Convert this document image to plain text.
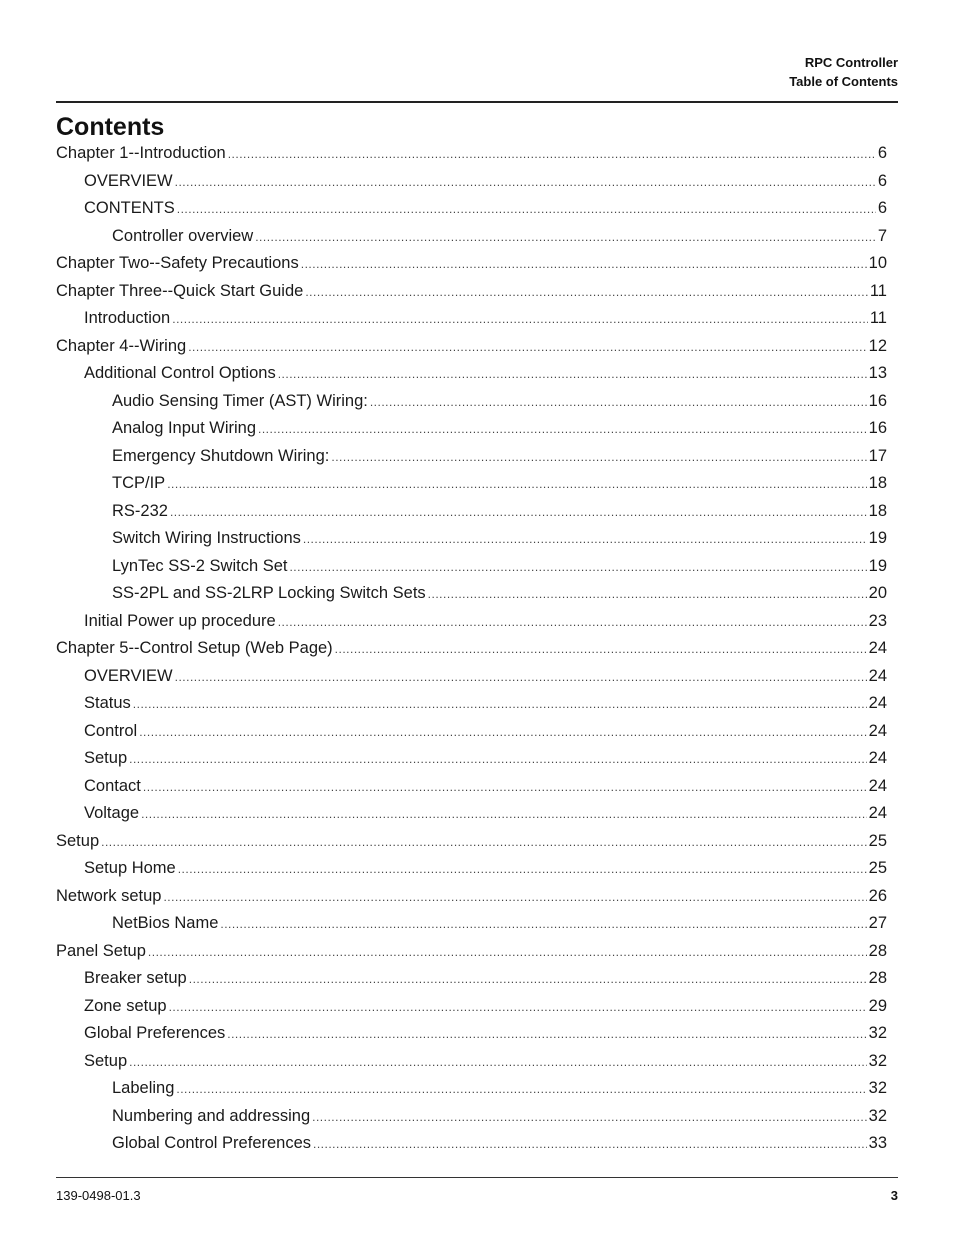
RPC Controller
Table of Contents
Contents
Chapter 1--Introduction .....	6
OVERVIEW .....	6
CONTENTS .....	6
Controller overview .....	7
Chapter Two--Safety Precautions .....	10
Chapter Three--Quick Start Guide .....	11
Introduction .....	11
Chapter 4--Wiring .....	12
Additional Control Options .....	13
Audio Sensing Timer (AST) Wiring: .....	16
Analog Input Wiring .....	16
Emergency Shutdown Wiring: .....	17
TCP/IP .....	18
RS-232 .....	18
Switch Wiring Instructions .....	19
LynTec SS-2 Switch Set .....	19
SS-2PL and SS-2LRP Locking Switch Sets .....	20
Initial Power up procedure .....	23
Chapter 5--Control Setup (Web Page) .....	24
OVERVIEW .....	24
Status .....	24
Control .....	24
Setup .....	24
Contact .....	24
Voltage .....	24
Setup .....	25
Setup Home .....	25
Network setup .....	26
NetBios Name .....	27
Panel Setup .....	28
Breaker setup .....	28
Zone setup .....	29
Global Preferences .....	32
Setup .....	32
Labeling .....	32
Numbering and addressing .....	32
Global Control Preferences .....	33
139-0498-01.3	3
